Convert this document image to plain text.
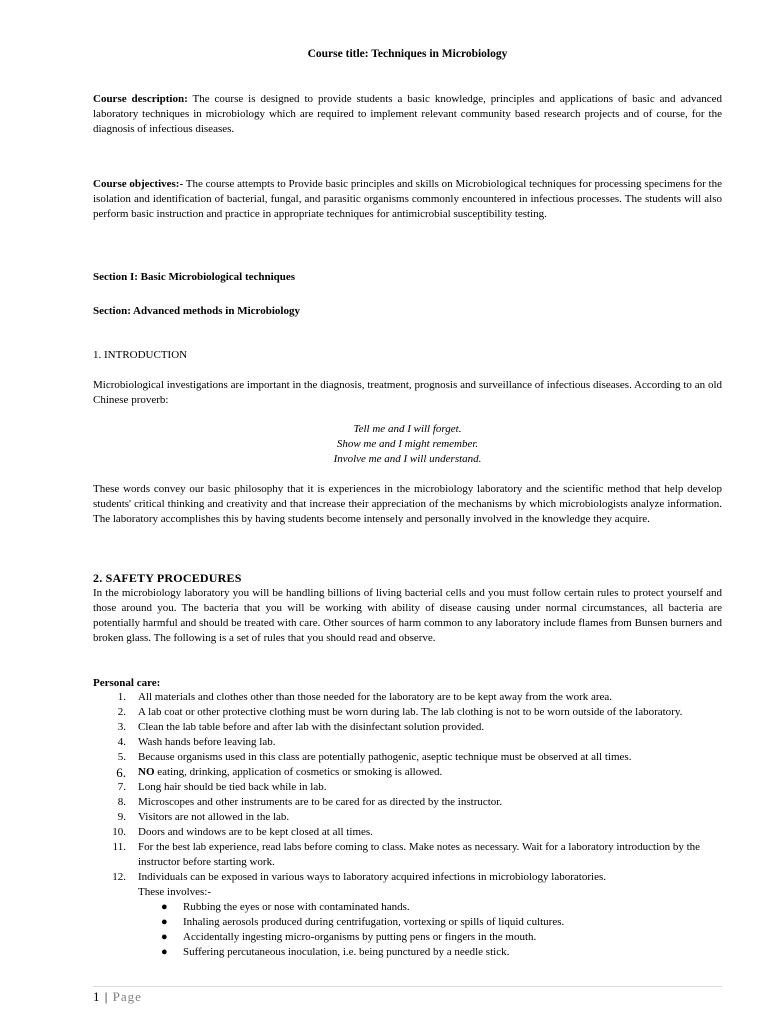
Course title: Techniques in Microbiology
Course description: The course is designed to provide students a basic knowledge, principles and applications of basic and advanced laboratory techniques in microbiology which are required to implement relevant community based research projects and of course, for the diagnosis of infectious diseases.
Course objectives:- The course attempts to Provide basic principles and skills on Microbiological techniques for processing specimens for the isolation and identification of bacterial, fungal, and parasitic organisms commonly encountered in infectious processes. The students will also perform basic instruction and practice in appropriate techniques for antimicrobial susceptibility testing.
Section I: Basic Microbiological techniques
Section: Advanced methods in Microbiology
1. INTRODUCTION
Microbiological investigations are important in the diagnosis, treatment, prognosis and surveillance of infectious diseases. According to an old Chinese proverb:
Tell me and I will forget.
Show me and I might remember.
Involve me and I will understand.
These words convey our basic philosophy that it is experiences in the microbiology laboratory and the scientific method that help develop students' critical thinking and creativity and that increase their appreciation of the mechanisms by which microbiologists analyze information. The laboratory accomplishes this by having students become intensely and personally involved in the knowledge they acquire.
2. SAFETY PROCEDURES
In the microbiology laboratory you will be handling billions of living bacterial cells and you must follow certain rules to protect yourself and those around you. The bacteria that you will be working with ability of disease causing under normal circumstances, all bacteria are potentially harmful and should be treated with care. Other sources of harm common to any laboratory include flames from Bunsen burners and broken glass. The following is a set of rules that you should read and observe.
Personal care:
1. All materials and clothes other than those needed for the laboratory are to be kept away from the work area.
2. A lab coat or other protective clothing must be worn during lab. The lab clothing is not to be worn outside of the laboratory.
3. Clean the lab table before and after lab with the disinfectant solution provided.
4. Wash hands before leaving lab.
5. Because organisms used in this class are potentially pathogenic, aseptic technique must be observed at all times.
6. NO eating, drinking, application of cosmetics or smoking is allowed.
7. Long hair should be tied back while in lab.
8. Microscopes and other instruments are to be cared for as directed by the instructor.
9. Visitors are not allowed in the lab.
10. Doors and windows are to be kept closed at all times.
11. For the best lab experience, read labs before coming to class. Make notes as necessary. Wait for a laboratory introduction by the instructor before starting work.
12. Individuals can be exposed in various ways to laboratory acquired infections in microbiology laboratories.
These involves:-
● Rubbing the eyes or nose with contaminated hands.
● Inhaling aerosols produced during centrifugation, vortexing or spills of liquid cultures.
● Accidentally ingesting micro-organisms by putting pens or fingers in the mouth.
● Suffering percutaneous inoculation, i.e. being punctured by a needle stick.
1 | Page
